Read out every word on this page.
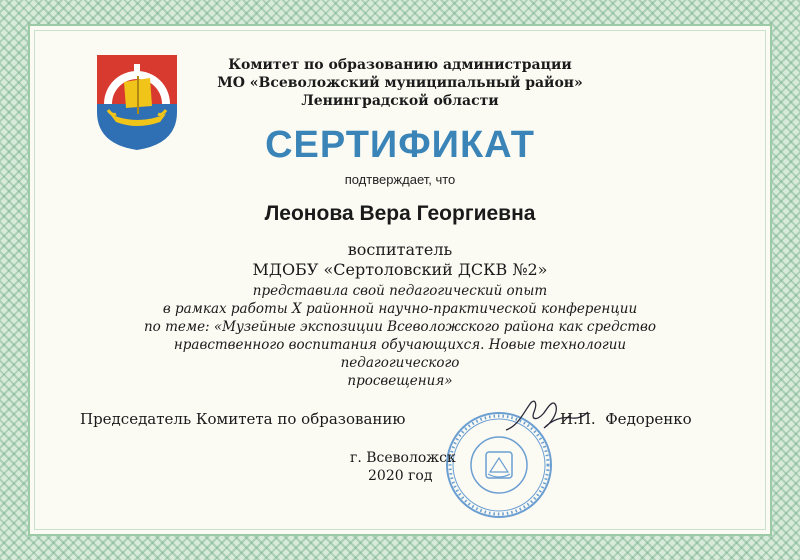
Комитет по образованию администрации
МО «Всеволожский муниципальный район»
Ленинградской области
СЕРТИФИКАТ
подтверждает, что
Леонова Вера Георгиевна
воспитатель
МДОБУ «Сертоловский ДСКВ №2»
представила свой педагогический опыт
в рамках работы X районной научно-практической конференции
по теме: «Музейные экспозиции Всеволожского района как средство
нравственного воспитания обучающихся. Новые технологии педагогического
просвещения»
Председатель Комитета по образованию	И.П.  Федоренко
г. Всеволожск
2020 год
